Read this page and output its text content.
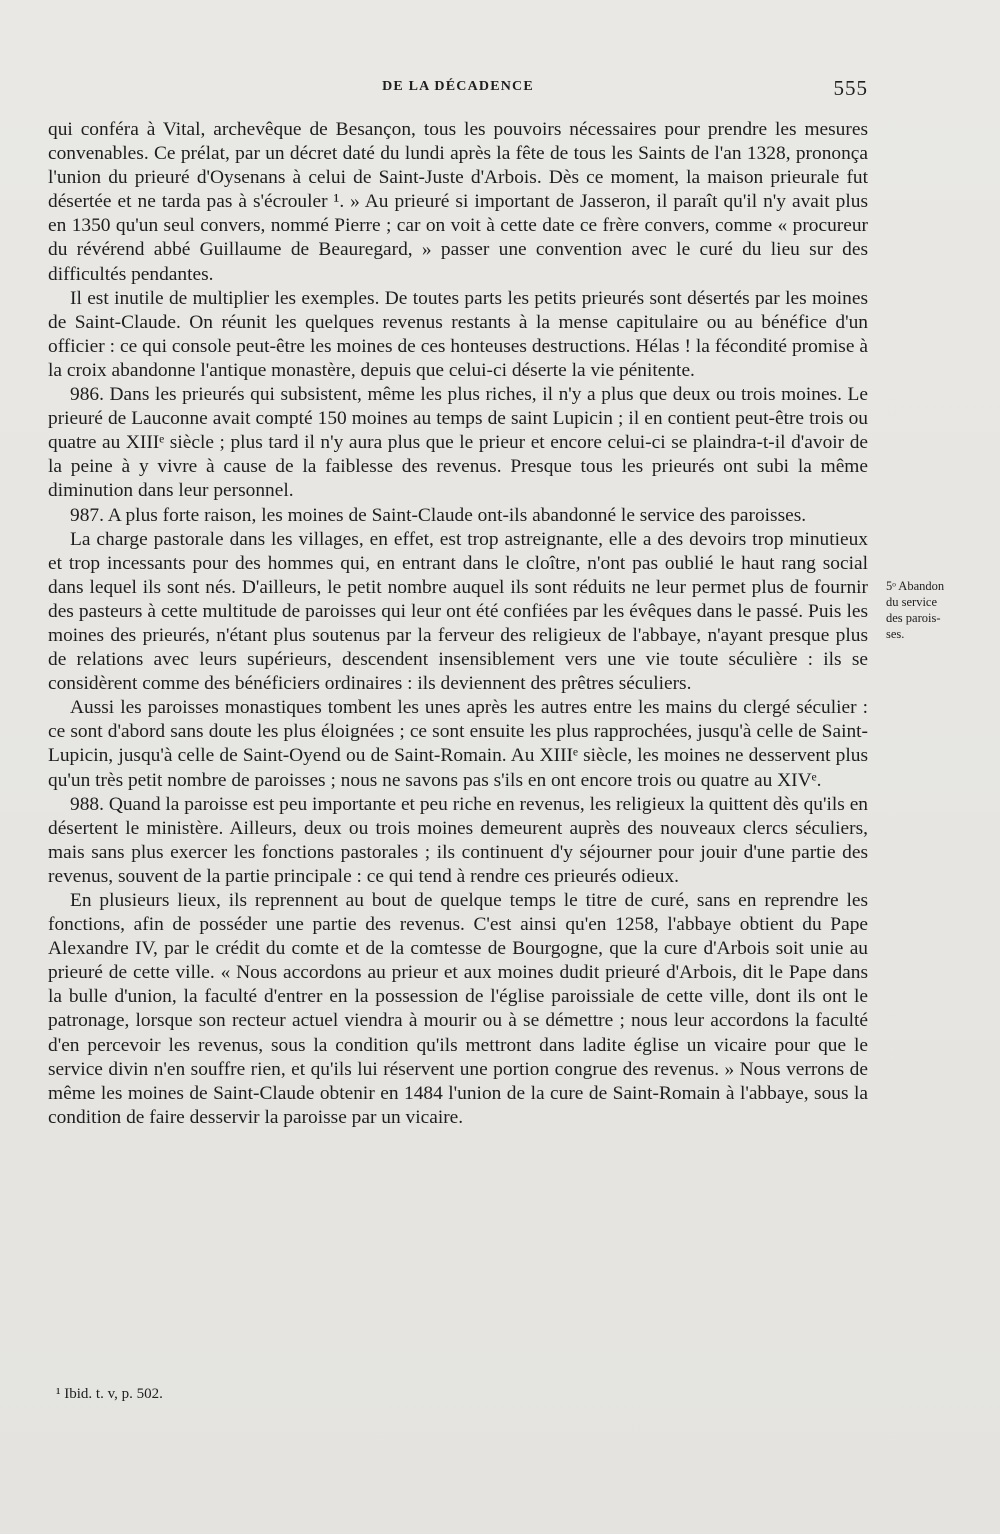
DE LA DÉCADENCE	555

qui conféra à Vital, archevêque de Besançon, tous les pouvoirs nécessaires pour prendre les mesures convenables. Ce prélat, par un décret daté du lundi après la fête de tous les Saints de l'an 1328, prononça l'union du prieuré d'Oysenans à celui de Saint-Juste d'Arbois. Dès ce moment, la maison prieurale fut désertée et ne tarda pas à s'écrouler ¹. » Au prieuré si important de Jasseron, il paraît qu'il n'y avait plus en 1350 qu'un seul convers, nommé Pierre ; car on voit à cette date ce frère convers, comme « procureur du révérend abbé Guillaume de Beauregard, » passer une convention avec le curé du lieu sur des difficultés pendantes.

Il est inutile de multiplier les exemples. De toutes parts les petits prieurés sont désertés par les moines de Saint-Claude. On réunit les quelques revenus restants à la mense capitulaire ou au bénéfice d'un officier : ce qui console peut-être les moines de ces honteuses destructions. Hélas ! la fécondité promise à la croix abandonne l'antique monastère, depuis que celui-ci déserte la vie pénitente.

986. Dans les prieurés qui subsistent, même les plus riches, il n'y a plus que deux ou trois moines. Le prieuré de Lauconne avait compté 150 moines au temps de saint Lupicin ; il en contient peut-être trois ou quatre au XIIIᵉ siècle ; plus tard il n'y aura plus que le prieur et encore celui-ci se plaindra-t-il d'avoir de la peine à y vivre à cause de la faiblesse des revenus. Presque tous les prieurés ont subi la même diminution dans leur personnel.

987. A plus forte raison, les moines de Saint-Claude ont-ils abandonné le service des paroisses.

La charge pastorale dans les villages, en effet, est trop astreignante, elle a des devoirs trop minutieux et trop incessants pour des hommes qui, en entrant dans le cloître, n'ont pas oublié le haut rang social dans lequel ils sont nés. D'ailleurs, le petit nombre auquel ils sont réduits ne leur permet plus de fournir des pasteurs à cette multitude de paroisses qui leur ont été confiées par les évêques dans le passé. Puis les moines des prieurés, n'étant plus soutenus par la ferveur des religieux de l'abbaye, n'ayant presque plus de relations avec leurs supérieurs, descendent insensiblement vers une vie toute séculière : ils se considèrent comme des bénéficiers ordinaires : ils deviennent des prêtres séculiers.

Aussi les paroisses monastiques tombent les unes après les autres entre les mains du clergé séculier : ce sont d'abord sans doute les plus éloignées ; ce sont ensuite les plus rapprochées, jusqu'à celle de Saint-Lupicin, jusqu'à celle de Saint-Oyend ou de Saint-Romain. Au XIIIᵉ siècle, les moines ne desservent plus qu'un très petit nombre de paroisses ; nous ne savons pas s'ils en ont encore trois ou quatre au XIVᵉ.

988. Quand la paroisse est peu importante et peu riche en revenus, les religieux la quittent dès qu'ils en désertent le ministère. Ailleurs, deux ou trois moines demeurent auprès des nouveaux clercs séculiers, mais sans plus exercer les fonctions pastorales ; ils continuent d'y séjourner pour jouir d'une partie des revenus, souvent de la partie principale : ce qui tend à rendre ces prieurés odieux.

En plusieurs lieux, ils reprennent au bout de quelque temps le titre de curé, sans en reprendre les fonctions, afin de posséder une partie des revenus. C'est ainsi qu'en 1258, l'abbaye obtient du Pape Alexandre IV, par le crédit du comte et de la comtesse de Bourgogne, que la cure d'Arbois soit unie au prieuré de cette ville. « Nous accordons au prieur et aux moines dudit prieuré d'Arbois, dit le Pape dans la bulle d'union, la faculté d'entrer en la possession de l'église paroissiale de cette ville, dont ils ont le patronage, lorsque son recteur actuel viendra à mourir ou à se démettre ; nous leur accordons la faculté d'en percevoir les revenus, sous la condition qu'ils mettront dans ladite église un vicaire pour que le service divin n'en souffre rien, et qu'ils lui réservent une portion congrue des revenus. » Nous verrons de même les moines de Saint-Claude obtenir en 1484 l'union de la cure de Saint-Romain à l'abbaye, sous la condition de faire desservir la paroisse par un vicaire.

5ᵒ Abandon
du service
des parois-
ses.
¹ Ibid. t. v, p. 502.
